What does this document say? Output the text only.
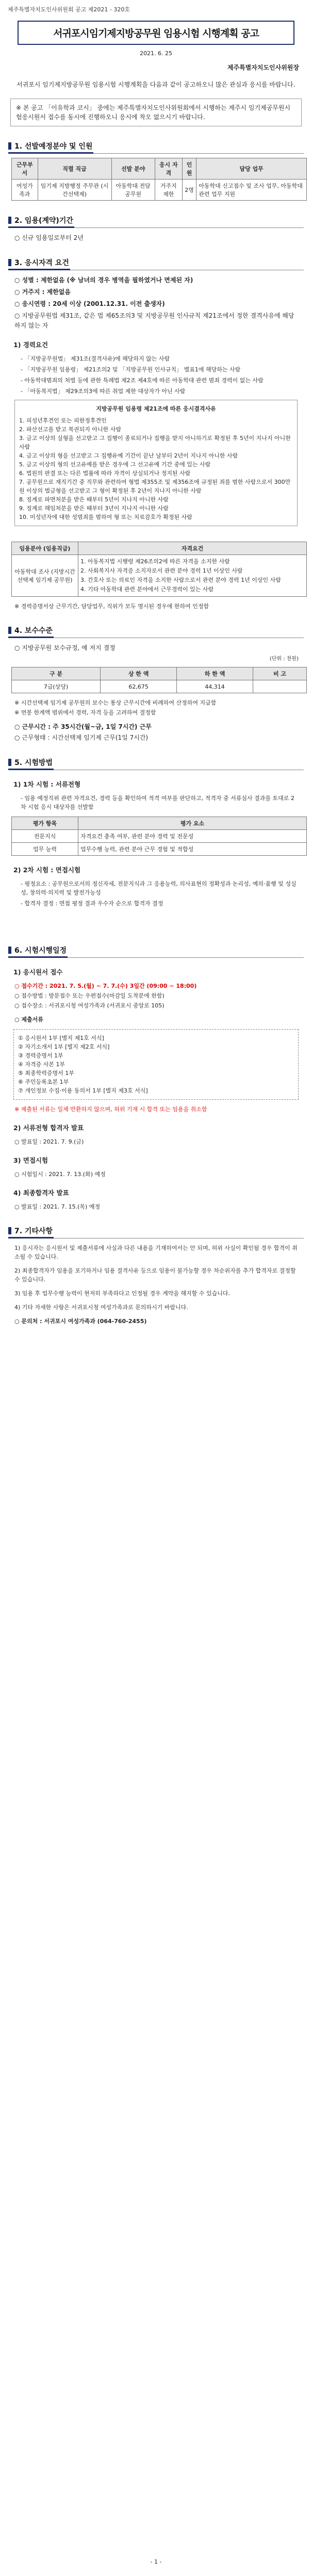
제주특별자치도인사위원회 공고 제2021 - 320호
서귀포시임기제지방공무원 임용시험 시행계획 공고
2021. 6. 25
제주특별자치도인사위원장
서귀포시 임기제지방공무원 임용시험 시행계획을 다음과 같이 공고하오니 많은 관심과 응시를 바랍니다.
※ 본 공고 「이유학과 코시」 중에는 제주특별자치도인사위원회에서 시행하는 제주시 임기제공무원시험응시원서 접수를 동시에 진행하오니 응시에 착오 없으시기 바랍니다.
1. 선발예정분야 및 인원
근무부서	직렬 직급	선발 분야	응시 자격	인원	담당 업무
여성가족과	임기제 지방행정 주무관 (시간선택제)	아동학대 전담공무원	거주지 제한	2명	아동학대 신고접수 및 조사 업무, 아동학대 관련 업무 지원
2. 임용(계약)기간
○ 신규 임용일로부터 2년
3. 응시자격 요건
○ 성별 : 제한없음 (※ 남녀의 경우 병역을 필하였거나 면제된 자)
○ 거주지 : 제한없음
○ 응시연령 : 20세 이상 (2001.12.31. 이전 출생자)
○ 지방공무원법 제31조, 같은 법 제65조의3 및 지방공무원 인사규칙 제21조에서 정한 결격사유에 해당하지 않는 자
1) 경력요건
- 「지방공무원법」 제31조(결격사유)에 해당하지 않는 사람
- 「지방공무원 임용령」 제21조의2 및 「지방공무원 인사규칙」 별표1에 해당하는 사람
- 아동학대범죄의 처벌 등에 관한 특례법 제2조 제4호에 따른 아동학대 관련 범죄 경력이 없는 사람
- 「아동복지법」 제29조의3에 따른 취업 제한 대상자가 아닌 사람
지방공무원 임용령 제21조에 따른 응시결격사유
1. 피성년후견인 또는 피한정후견인
2. 파산선고를 받고 복권되지 아니한 사람
3. 금고 이상의 실형을 선고받고 그 집행이 종료되거나 집행을 받지 아니하기로 확정된 후 5년이 지나지 아니한 사람
4. 금고 이상의 형을 선고받고 그 집행유예 기간이 끝난 날부터 2년이 지나지 아니한 사람
5. 금고 이상의 형의 선고유예를 받은 경우에 그 선고유예 기간 중에 있는 사람
6. 법원의 판결 또는 다른 법률에 따라 자격이 상실되거나 정지된 사람
7. 공무원으로 재직기간 중 직무와 관련하여 형법 제355조 및 제356조에 규정된 죄를 범한 사람으로서 300만원 이상의 벌금형을 선고받고 그 형이 확정된 후 2년이 지나지 아니한 사람
8. 징계로 파면처분을 받은 때부터 5년이 지나지 아니한 사람
9. 징계로 해임처분을 받은 때부터 3년이 지나지 아니한 사람
10. 미성년자에 대한 성범죄를 범하여 형 또는 치료감호가 확정된 사람
임용분야 (임용직급)	자격요건
아동학대 조사 (지방시간선택제 임기제 공무원)	1. 아동복지법 시행령 제26조의2에 따른 자격을 소지한 사람
2. 사회복지사 자격증 소지자로서 관련 분야 경력 1년 이상인 사람
3. 간호사 또는 의료인 자격을 소지한 사람으로서 관련 분야 경력 1년 이상인 사람
4. 기타 아동학대 관련 분야에서 근무경력이 있는 사람
※ 경력증명서상 근무기간, 담당업무, 직위가 모두 명시된 경우에 한하여 인정함
4. 보수수준
○ 지방공무원 보수규정, 예 저지 결정
(단위 : 천원)
구 분	상 한 액	하 한 액	비 고
7급(상당)	62,675	44,314	
※ 시간선택제 임기제 공무원의 보수는 통상 근무시간에 비례하여 산정하여 지급함
※ 연봉 한계액 범위에서 경력, 자격 등을 고려하여 결정함
○ 근무시간 : 주 35시간(월~금, 1일 7시간) 근무
○ 근무형태 : 시간선택제 임기제 근무(1일 7시간)
5. 시험방법
1) 1차 시험 : 서류전형
- 임용 예정직위 관련 자격요건, 경력 등을 확인하여 적격 여부를 판단하고, 적격자 중 서류심사 결과를 토대로 2차 시험 응시 대상자를 선발함
평가 항목	평가 요소
전문지식	자격요건 충족 여부, 관련 분야 경력 및 전문성
업무 능력	업무수행 능력, 관련 분야 근무 경험 및 적합성
2) 2차 시험 : 면접시험
- 평정요소 : 공무원으로서의 정신자세, 전문지식과 그 응용능력, 의사표현의 정확성과 논리성, 예의·품행 및 성실성, 창의력·의지력 및 발전가능성
- 합격자 결정 : 면접 평정 결과 우수자 순으로 합격자 결정
6. 시험시행일정
1) 응시원서 접수
○ 접수기간 : 2021. 7. 5.(월) ~ 7. 7.(수) 3일간 (09:00 ~ 18:00)
○ 접수방법 : 방문접수 또는 우편접수(마감일 도착분에 한함)
○ 접수장소 : 서귀포시청 여성가족과 (서귀포시 중앙로 105)
○ 제출서류
① 응시원서 1부 [별지 제1호 서식]
② 자기소개서 1부 [별지 제2호 서식]
③ 경력증명서 1부
④ 자격증 사본 1부
⑤ 최종학력증명서 1부
⑥ 주민등록초본 1부
⑦ 개인정보 수집·이용 동의서 1부 [별지 제3호 서식]
※ 제출된 서류는 일체 반환하지 않으며, 허위 기재 시 합격 또는 임용을 취소함
2) 서류전형 합격자 발표
○ 발표일 : 2021. 7. 9.(금)
3) 면접시험
○ 시험일시 : 2021. 7. 13.(화) 예정
4) 최종합격자 발표
○ 발표일 : 2021. 7. 15.(목) 예정
7. 기타사항
1) 응시자는 응시원서 및 제출서류에 사실과 다른 내용을 기재하여서는 안 되며, 허위 사실이 확인될 경우 합격이 취소될 수 있습니다.
2) 최종합격자가 임용을 포기하거나 임용 결격사유 등으로 임용이 불가능할 경우 차순위자를 추가 합격자로 결정할 수 있습니다.
3) 임용 후 업무수행 능력이 현저히 부족하다고 인정될 경우 계약을 해지할 수 있습니다.
4) 기타 자세한 사항은 서귀포시청 여성가족과로 문의하시기 바랍니다.
○ 문의처 : 서귀포시 여성가족과 (064-760-2455)
- 1 -
